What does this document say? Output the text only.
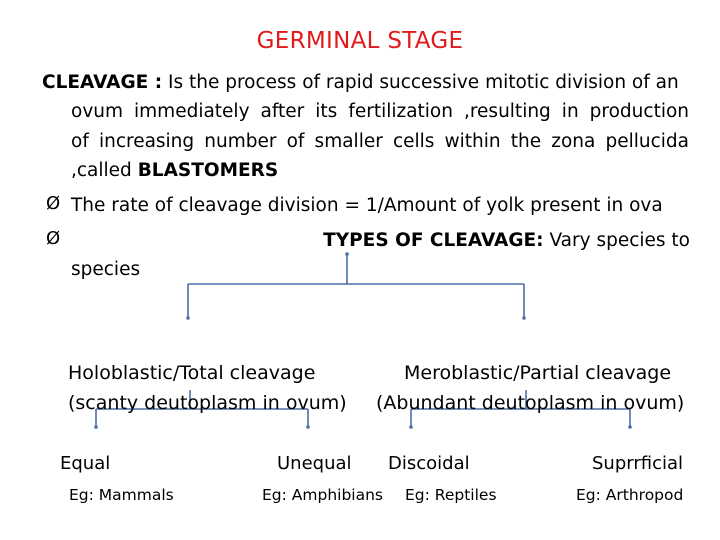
GERMINAL STAGE
CLEAVAGE : Is the process of rapid successive mitotic division of an
ovum immediately after its fertilization ,resulting in production
of increasing number of smaller cells within the zona pellucida
,called BLASTOMERS
Ø The rate of cleavage division = 1/Amount of yolk present in ova
Ø	TYPES OF CLEAVAGE: Vary species to
species
Holoblastic/Total cleavage
(scanty deutoplasm in ovum)
Meroblastic/Partial cleavage
(Abundant deutoplasm in ovum)
Equal	Unequal Discoidal	Suprrficial
Eg: Mammals	Eg: Amphibians Eg: Reptiles	Eg: Arthropod
